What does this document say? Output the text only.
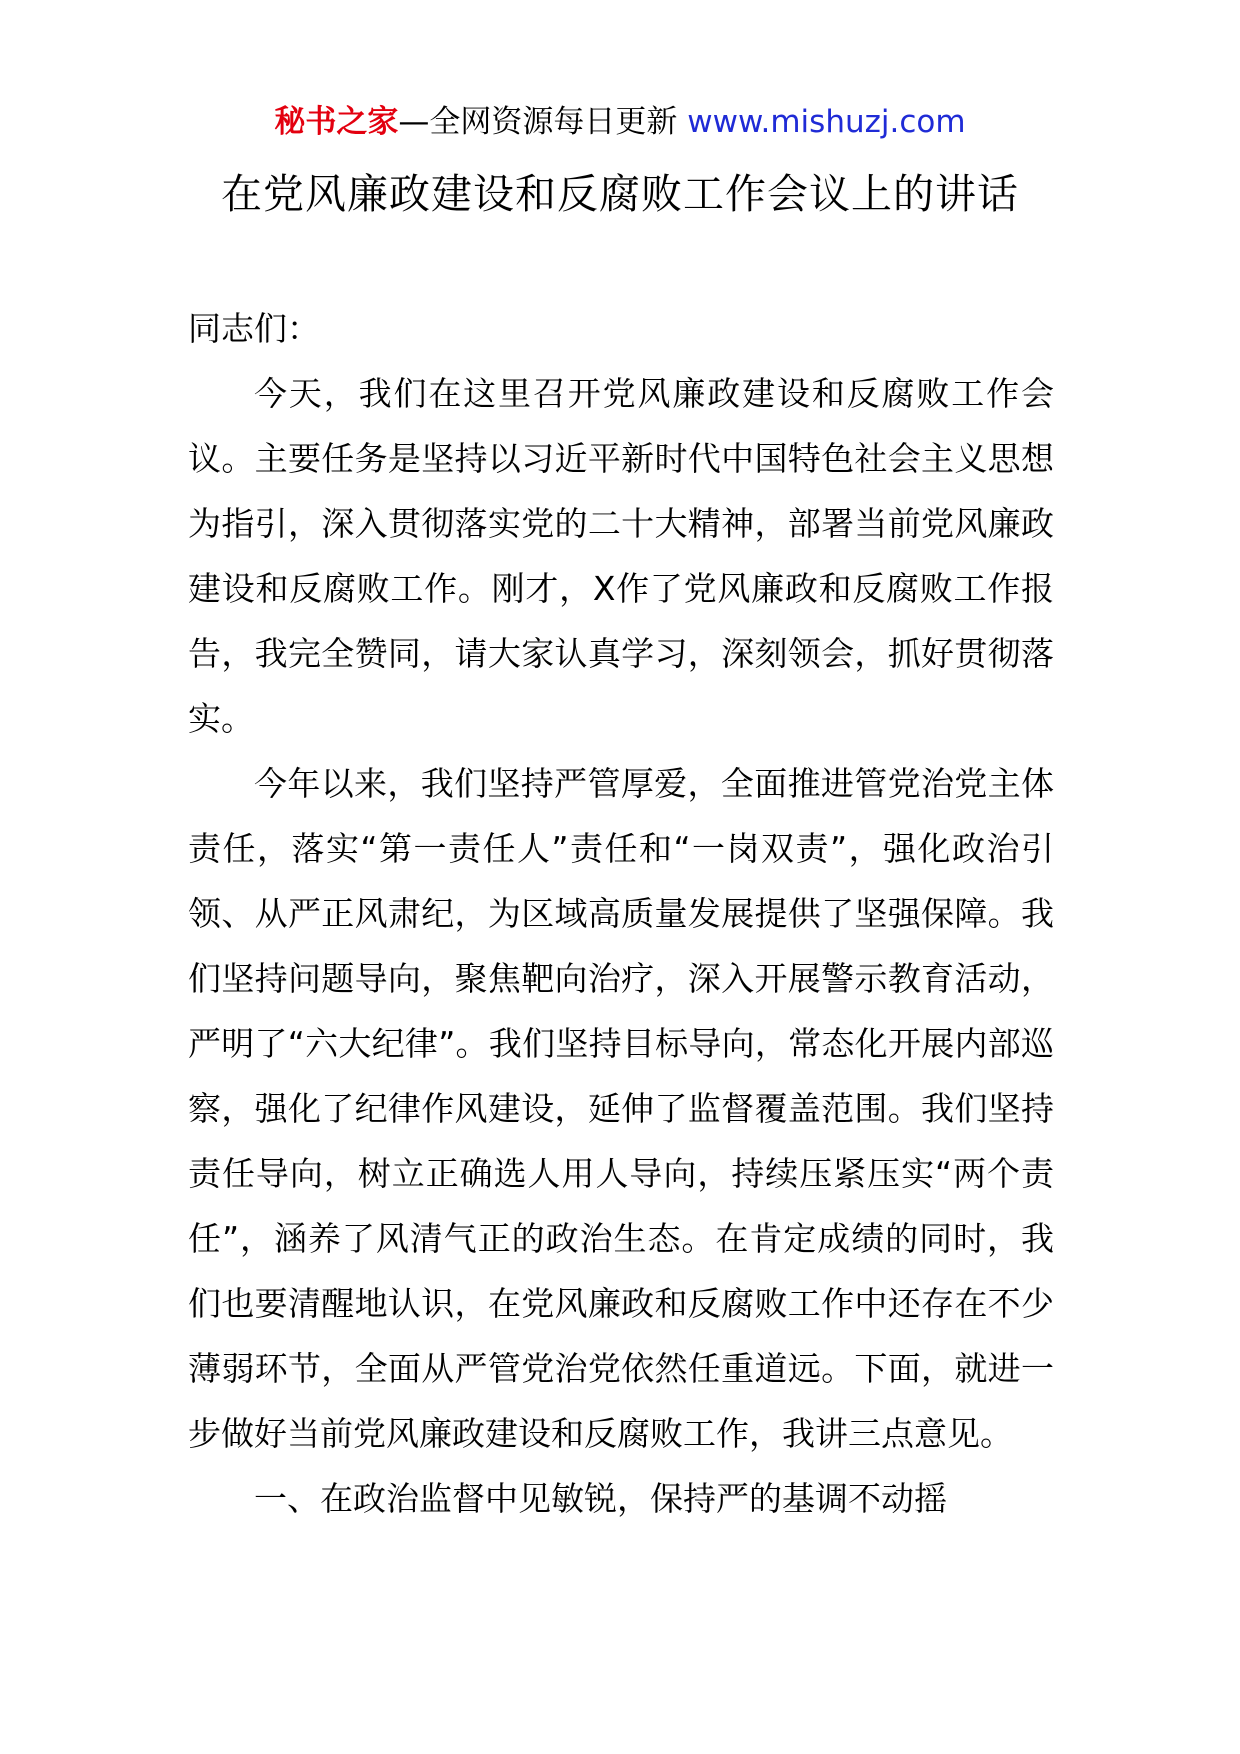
秘书之家—全网资源每日更新 www.mishuzj.com
在党风廉政建设和反腐败工作会议上的讲话

同志们：

今天，我们在这里召开党风廉政建设和反腐败工作会议。主要任务是坚持以习近平新时代中国特色社会主义思想为指引，深入贯彻落实党的二十大精神，部署当前党风廉政建设和反腐败工作。刚才，X作了党风廉政和反腐败工作报告，我完全赞同，请大家认真学习，深刻领会，抓好贯彻落实。

今年以来，我们坚持严管厚爱，全面推进管党治党主体责任，落实“第一责任人”责任和“一岗双责”，强化政治引领、从严正风肃纪，为区域高质量发展提供了坚强保障。我们坚持问题导向，聚焦靶向治疗，深入开展警示教育活动，严明了“六大纪律”。我们坚持目标导向，常态化开展内部巡察，强化了纪律作风建设，延伸了监督覆盖范围。我们坚持责任导向，树立正确选人用人导向，持续压紧压实“两个责任”，涵养了风清气正的政治生态。在肯定成绩的同时，我们也要清醒地认识，在党风廉政和反腐败工作中还存在不少薄弱环节，全面从严管党治党依然任重道远。下面，就进一步做好当前党风廉政建设和反腐败工作，我讲三点意见。

一、在政治监督中见敏锐，保持严的基调不动摇
